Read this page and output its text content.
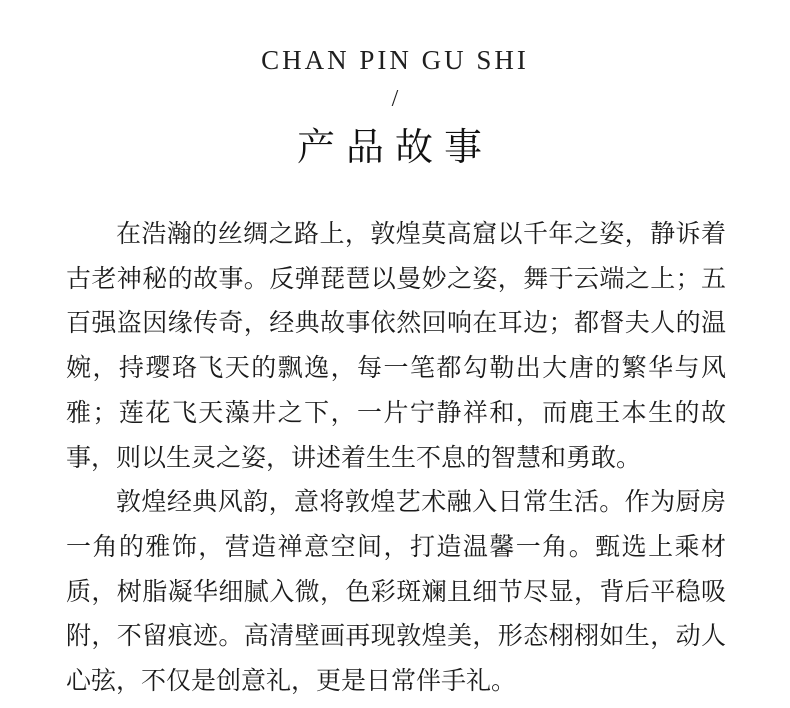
CHAN PIN GU SHI
/
产品故事

在浩瀚的丝绸之路上，敦煌莫高窟以千年之姿，静诉着古老神秘的故事。反弹琵琶以曼妙之姿，舞于云端之上；五百强盗因缘传奇，经典故事依然回响在耳边；都督夫人的温婉，持璎珞飞天的飘逸，每一笔都勾勒出大唐的繁华与风雅；莲花飞天藻井之下，一片宁静祥和，而鹿王本生的故事，则以生灵之姿，讲述着生生不息的智慧和勇敢。

敦煌经典风韵，意将敦煌艺术融入日常生活。作为厨房一角的雅饰，营造禅意空间，打造温馨一角。甄选上乘材质，树脂凝华细腻入微，色彩斑斓且细节尽显，背后平稳吸附，不留痕迹。高清壁画再现敦煌美，形态栩栩如生，动人心弦，不仅是创意礼，更是日常伴手礼。
